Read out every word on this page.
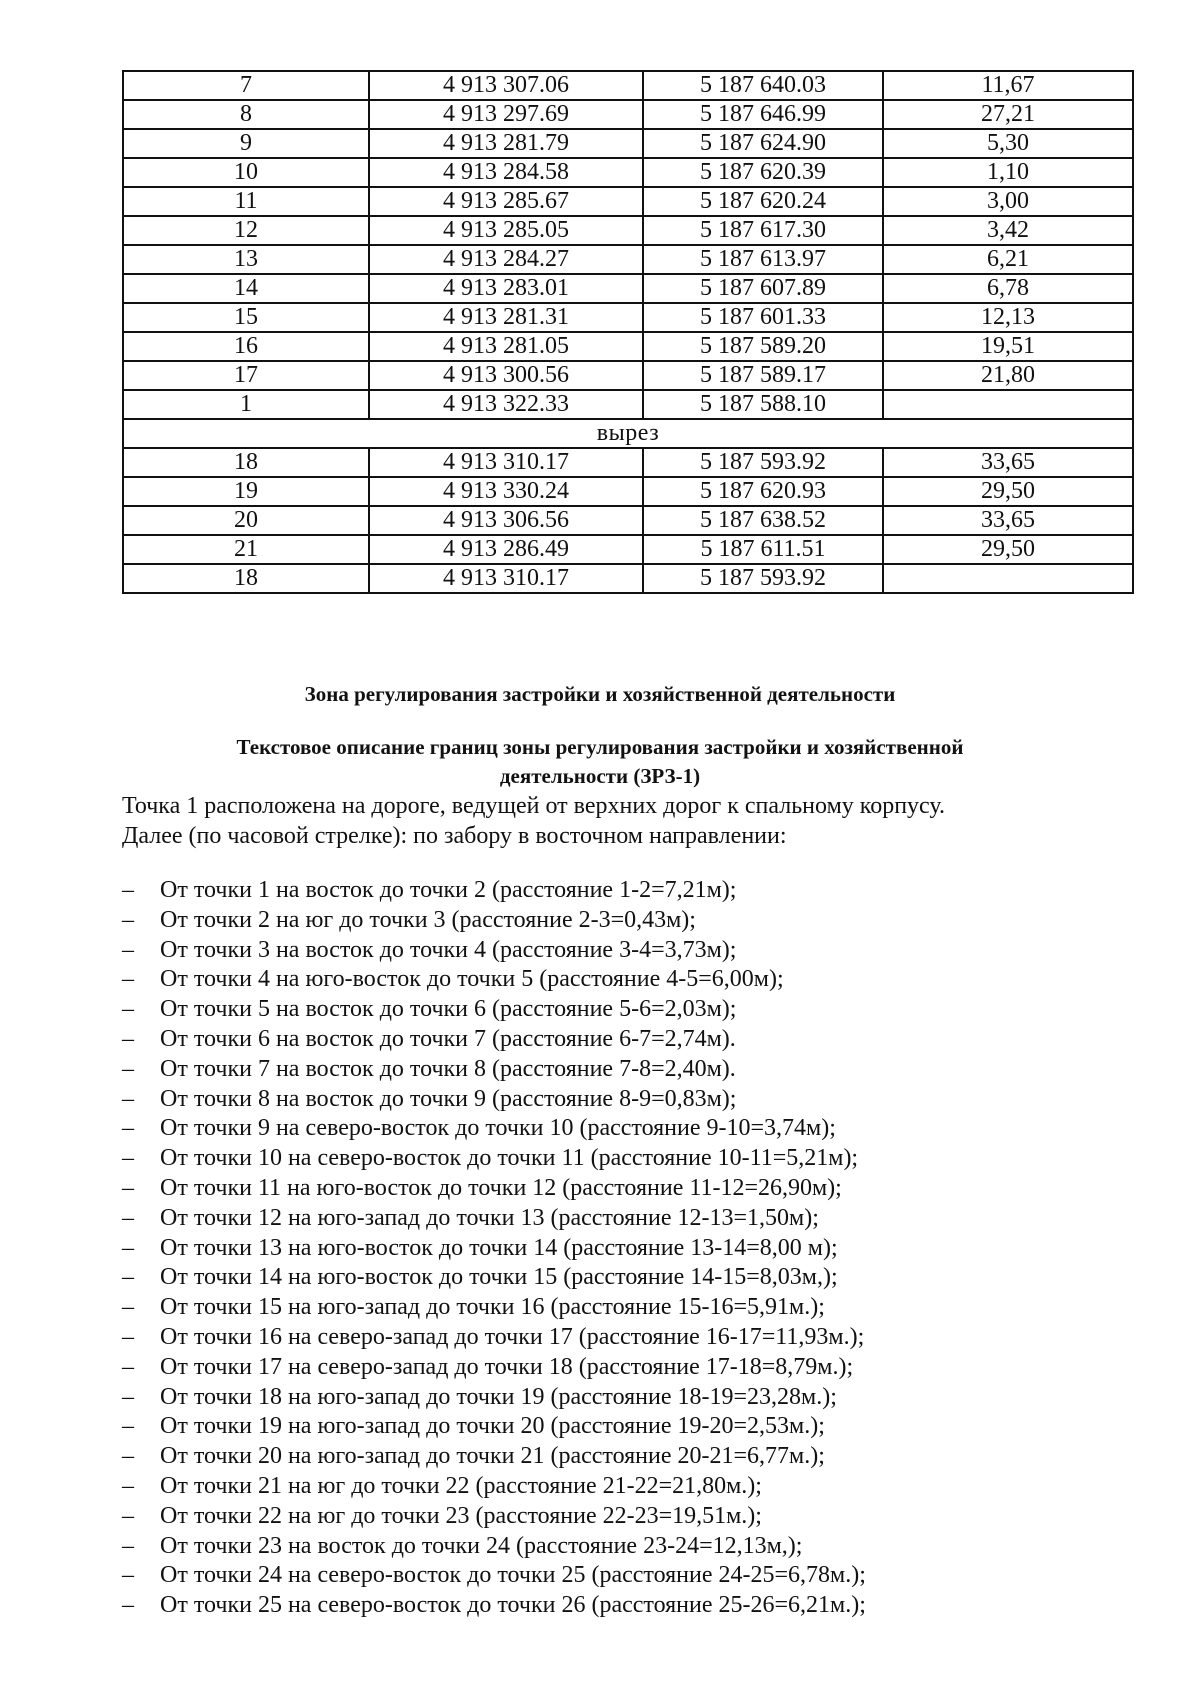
7	4 913 307.06	5 187 640.03	11,67
8	4 913 297.69	5 187 646.99	27,21
9	4 913 281.79	5 187 624.90	5,30
10	4 913 284.58	5 187 620.39	1,10
11	4 913 285.67	5 187 620.24	3,00
12	4 913 285.05	5 187 617.30	3,42
13	4 913 284.27	5 187 613.97	6,21
14	4 913 283.01	5 187 607.89	6,78
15	4 913 281.31	5 187 601.33	12,13
16	4 913 281.05	5 187 589.20	19,51
17	4 913 300.56	5 187 589.17	21,80
1	4 913 322.33	5 187 588.10	
вырез			
18	4 913 310.17	5 187 593.92	33,65
19	4 913 330.24	5 187 620.93	29,50
20	4 913 306.56	5 187 638.52	33,65
21	4 913 286.49	5 187 611.51	29,50
18	4 913 310.17	5 187 593.92	
Зона регулирования застройки и хозяйственной деятельности
Текстовое описание границ зоны регулирования застройки и хозяйственной
деятельности (ЗРЗ-1)
Точка 1 расположена на дороге, ведущей от верхних дорог к спальному корпусу.
Далее (по часовой стрелке): по забору в восточном направлении:
– От точки 1 на восток до точки 2 (расстояние 1-2=7,21м);
– От точки 2 на юг до точки 3 (расстояние 2-3=0,43м);
– От точки 3 на восток до точки 4 (расстояние 3-4=3,73м);
– От точки 4 на юго-восток до точки 5 (расстояние 4-5=6,00м);
– От точки 5 на восток до точки 6 (расстояние 5-6=2,03м);
– От точки 6 на восток до точки 7 (расстояние 6-7=2,74м).
– От точки 7 на восток до точки 8 (расстояние 7-8=2,40м).
– От точки 8 на восток до точки 9 (расстояние 8-9=0,83м);
– От точки 9 на северо-восток до точки 10 (расстояние 9-10=3,74м);
– От точки 10 на северо-восток до точки 11 (расстояние 10-11=5,21м);
– От точки 11 на юго-восток до точки 12 (расстояние 11-12=26,90м);
– От точки 12 на юго-запад до точки 13 (расстояние 12-13=1,50м);
– От точки 13 на юго-восток до точки 14 (расстояние 13-14=8,00 м);
– От точки 14 на юго-восток до точки 15 (расстояние 14-15=8,03м,);
– От точки 15 на юго-запад до точки 16 (расстояние 15-16=5,91м.);
– От точки 16 на северо-запад до точки 17 (расстояние 16-17=11,93м.);
– От точки 17 на северо-запад до точки 18 (расстояние 17-18=8,79м.);
– От точки 18 на юго-запад до точки 19 (расстояние 18-19=23,28м.);
– От точки 19 на юго-запад до точки 20 (расстояние 19-20=2,53м.);
– От точки 20 на юго-запад до точки 21 (расстояние 20-21=6,77м.);
– От точки 21 на юг до точки 22 (расстояние 21-22=21,80м.);
– От точки 22 на юг до точки 23 (расстояние 22-23=19,51м.);
– От точки 23 на восток до точки 24 (расстояние 23-24=12,13м,);
– От точки 24 на северо-восток до точки 25 (расстояние 24-25=6,78м.);
– От точки 25 на северо-восток до точки 26 (расстояние 25-26=6,21м.);
